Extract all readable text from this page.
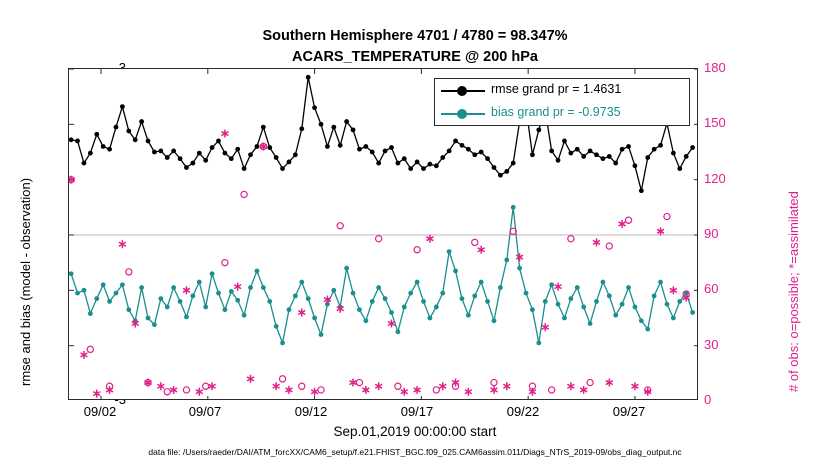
Southern Hemisphere 4701 / 4780 = 98.347%
ACARS_TEMPERATURE @ 200 hPa
rmse and bias (model - observation)	# of obs: o=possible; *=assimilated
180
150
120
90
60
30
0
09/02	09/07	09/12	09/17	09/22	09/27
Sep.01,2019 00:00:00 start
data file: /Users/raeder/DAI/ATM_forcXX/CAM6_setup/f.e21.FHIST_BGC.f09_025.CAM6assim.011/Diags_NTrS_2019-09/obs_diag_output.nc
rmse grand pr = 1.4631
bias grand pr = -0.9735
